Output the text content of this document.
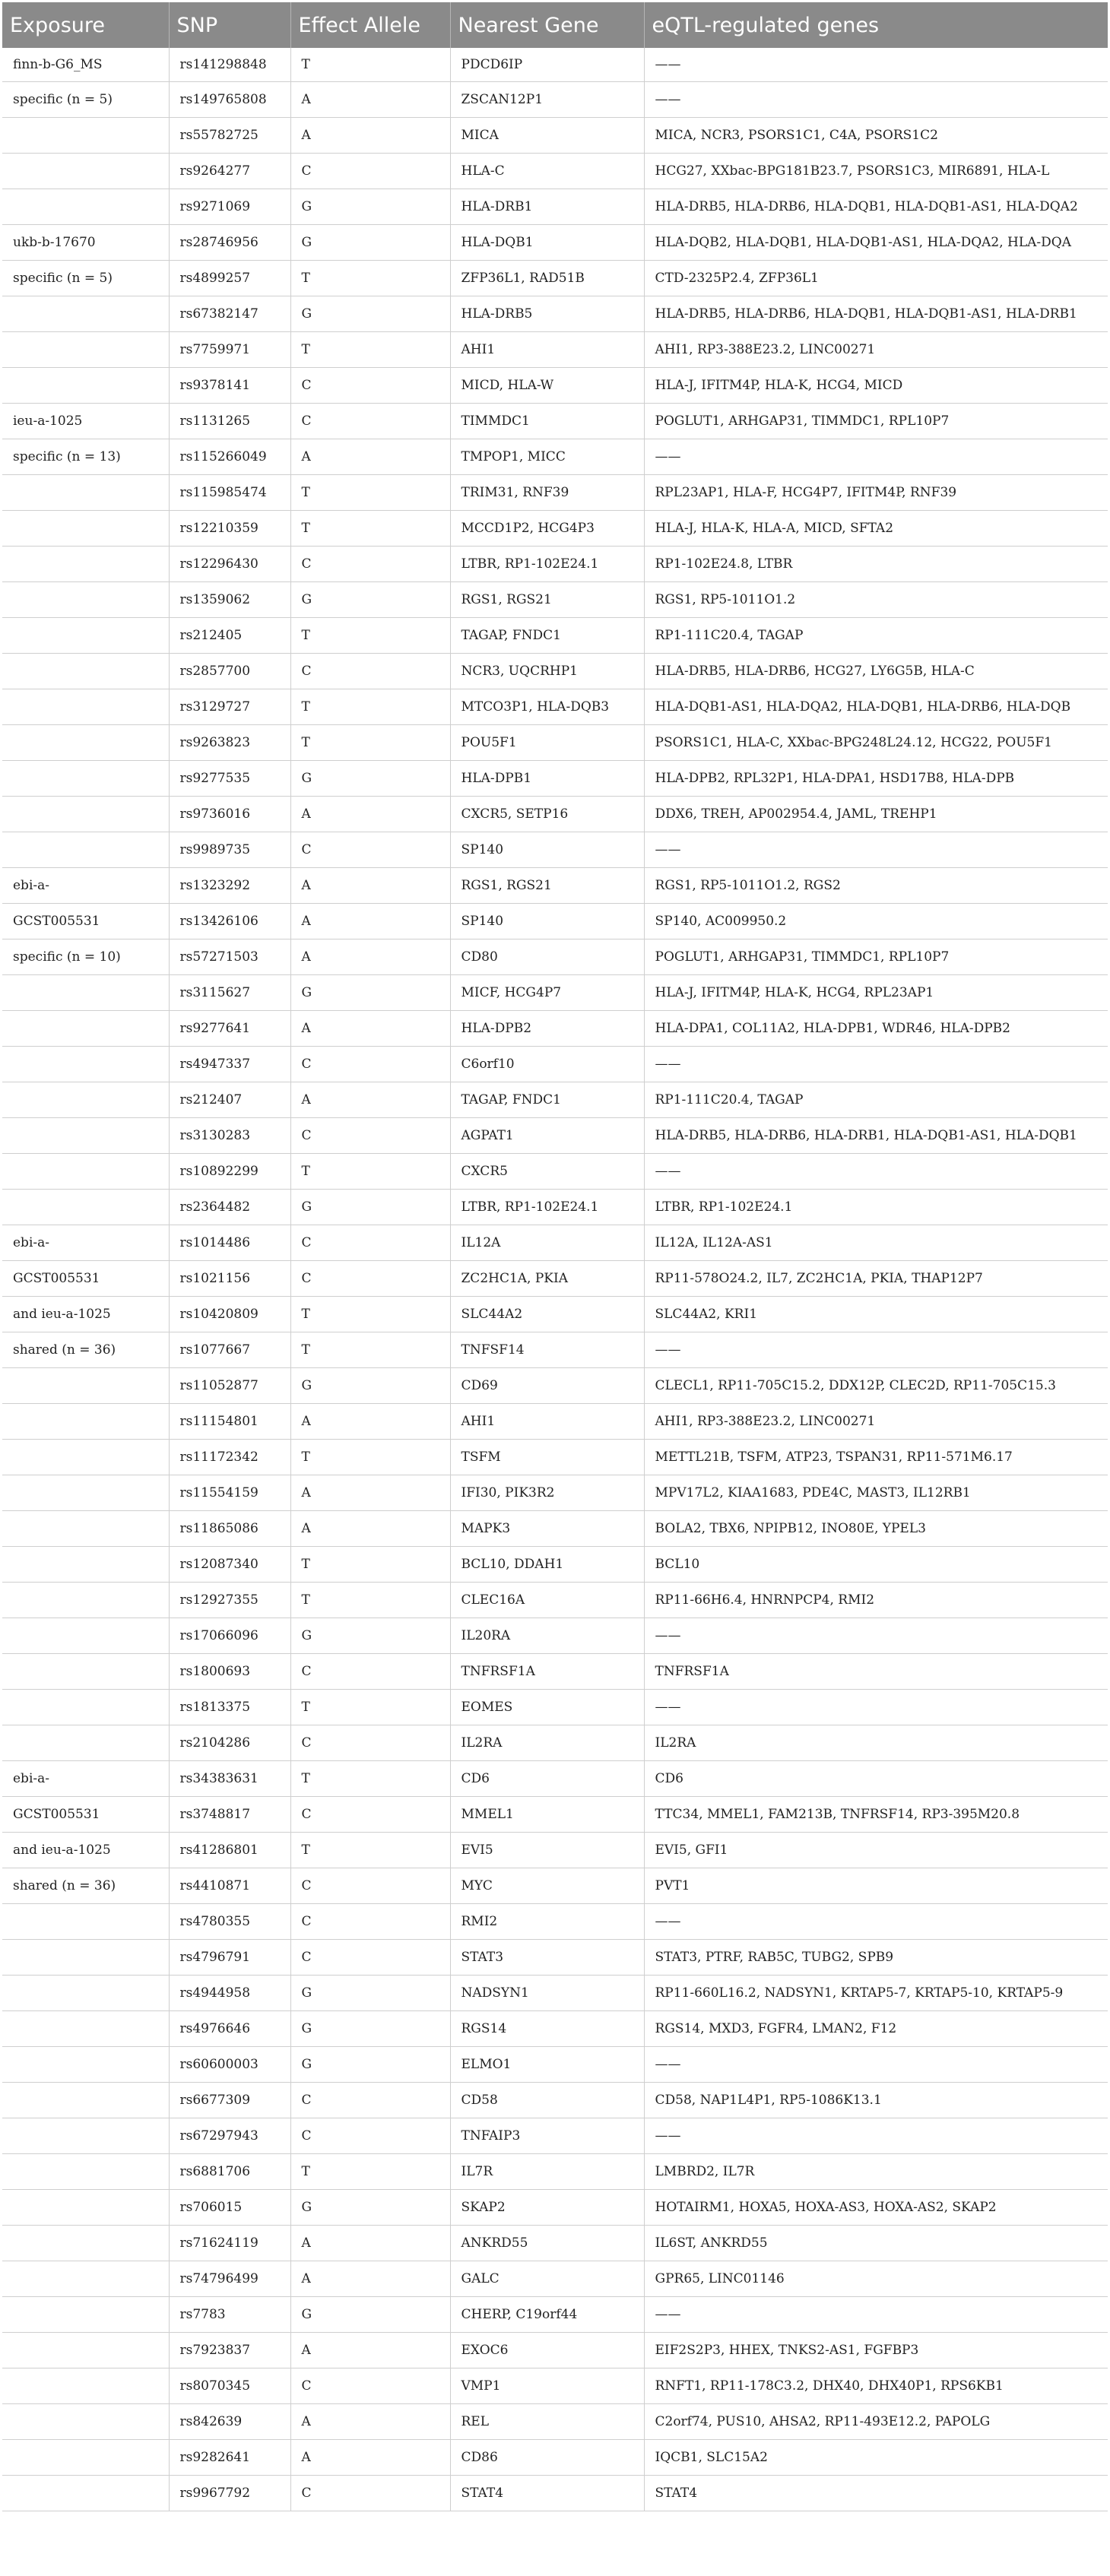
Exposure	SNP	Effect Allele	Nearest Gene	eQTL-regulated genes
finn-b-G6_MS	rs141298848	T	PDCD6IP	——
specific (n = 5)	rs149765808	A	ZSCAN12P1	——
	rs55782725	A	MICA	MICA, NCR3, PSORS1C1, C4A, PSORS1C2
	rs9264277	C	HLA-C	HCG27, XXbac-BPG181B23.7, PSORS1C3, MIR6891, HLA-L
	rs9271069	G	HLA-DRB1	HLA-DRB5, HLA-DRB6, HLA-DQB1, HLA-DQB1-AS1, HLA-DQA2
ukb-b-17670	rs28746956	G	HLA-DQB1	HLA-DQB2, HLA-DQB1, HLA-DQB1-AS1, HLA-DQA2, HLA-DQA
specific (n = 5)	rs4899257	T	ZFP36L1, RAD51B	CTD-2325P2.4, ZFP36L1
	rs67382147	G	HLA-DRB5	HLA-DRB5, HLA-DRB6, HLA-DQB1, HLA-DQB1-AS1, HLA-DRB1
	rs7759971	T	AHI1	AHI1, RP3-388E23.2, LINC00271
	rs9378141	C	MICD, HLA-W	HLA-J, IFITM4P, HLA-K, HCG4, MICD
ieu-a-1025	rs1131265	C	TIMMDC1	POGLUT1, ARHGAP31, TIMMDC1, RPL10P7
specific (n = 13)	rs115266049	A	TMPOP1, MICC	——
	rs115985474	T	TRIM31, RNF39	RPL23AP1, HLA-F, HCG4P7, IFITM4P, RNF39
	rs12210359	T	MCCD1P2, HCG4P3	HLA-J, HLA-K, HLA-A, MICD, SFTA2
	rs12296430	C	LTBR, RP1-102E24.1	RP1-102E24.8, LTBR
	rs1359062	G	RGS1, RGS21	RGS1, RP5-1011O1.2
	rs212405	T	TAGAP, FNDC1	RP1-111C20.4, TAGAP
	rs2857700	C	NCR3, UQCRHP1	HLA-DRB5, HLA-DRB6, HCG27, LY6G5B, HLA-C
	rs3129727	T	MTCO3P1, HLA-DQB3	HLA-DQB1-AS1, HLA-DQA2, HLA-DQB1, HLA-DRB6, HLA-DQB
	rs9263823	T	POU5F1	PSORS1C1, HLA-C, XXbac-BPG248L24.12, HCG22, POU5F1
	rs9277535	G	HLA-DPB1	HLA-DPB2, RPL32P1, HLA-DPA1, HSD17B8, HLA-DPB
	rs9736016	A	CXCR5, SETP16	DDX6, TREH, AP002954.4, JAML, TREHP1
	rs9989735	C	SP140	——
ebi-a-	rs1323292	A	RGS1, RGS21	RGS1, RP5-1011O1.2, RGS2
GCST005531	rs13426106	A	SP140	SP140, AC009950.2
specific (n = 10)	rs57271503	A	CD80	POGLUT1, ARHGAP31, TIMMDC1, RPL10P7
	rs3115627	G	MICF, HCG4P7	HLA-J, IFITM4P, HLA-K, HCG4, RPL23AP1
	rs9277641	A	HLA-DPB2	HLA-DPA1, COL11A2, HLA-DPB1, WDR46, HLA-DPB2
	rs4947337	C	C6orf10	——
	rs212407	A	TAGAP, FNDC1	RP1-111C20.4, TAGAP
	rs3130283	C	AGPAT1	HLA-DRB5, HLA-DRB6, HLA-DRB1, HLA-DQB1-AS1, HLA-DQB1
	rs10892299	T	CXCR5	——
	rs2364482	G	LTBR, RP1-102E24.1	LTBR, RP1-102E24.1
ebi-a-	rs1014486	C	IL12A	IL12A, IL12A-AS1
GCST005531	rs1021156	C	ZC2HC1A, PKIA	RP11-578O24.2, IL7, ZC2HC1A, PKIA, THAP12P7
and ieu-a-1025	rs10420809	T	SLC44A2	SLC44A2, KRI1
shared (n = 36)	rs1077667	T	TNFSF14	——
	rs11052877	G	CD69	CLECL1, RP11-705C15.2, DDX12P, CLEC2D, RP11-705C15.3
	rs11154801	A	AHI1	AHI1, RP3-388E23.2, LINC00271
	rs11172342	T	TSFM	METTL21B, TSFM, ATP23, TSPAN31, RP11-571M6.17
	rs11554159	A	IFI30, PIK3R2	MPV17L2, KIAA1683, PDE4C, MAST3, IL12RB1
	rs11865086	A	MAPK3	BOLA2, TBX6, NPIPB12, INO80E, YPEL3
	rs12087340	T	BCL10, DDAH1	BCL10
	rs12927355	T	CLEC16A	RP11-66H6.4, HNRNPCP4, RMI2
	rs17066096	G	IL20RA	——
	rs1800693	C	TNFRSF1A	TNFRSF1A
	rs1813375	T	EOMES	——
	rs2104286	C	IL2RA	IL2RA
ebi-a-	rs34383631	T	CD6	CD6
GCST005531	rs3748817	C	MMEL1	TTC34, MMEL1, FAM213B, TNFRSF14, RP3-395M20.8
and ieu-a-1025	rs41286801	T	EVI5	EVI5, GFI1
shared (n = 36)	rs4410871	C	MYC	PVT1
	rs4780355	C	RMI2	——
	rs4796791	C	STAT3	STAT3, PTRF, RAB5C, TUBG2, SPB9
	rs4944958	G	NADSYN1	RP11-660L16.2, NADSYN1, KRTAP5-7, KRTAP5-10, KRTAP5-9
	rs4976646	G	RGS14	RGS14, MXD3, FGFR4, LMAN2, F12
	rs60600003	G	ELMO1	——
	rs6677309	C	CD58	CD58, NAP1L4P1, RP5-1086K13.1
	rs67297943	C	TNFAIP3	——
	rs6881706	T	IL7R	LMBRD2, IL7R
	rs706015	G	SKAP2	HOTAIRM1, HOXA5, HOXA-AS3, HOXA-AS2, SKAP2
	rs71624119	A	ANKRD55	IL6ST, ANKRD55
	rs74796499	A	GALC	GPR65, LINC01146
	rs7783	G	CHERP, C19orf44	——
	rs7923837	A	EXOC6	EIF2S2P3, HHEX, TNKS2-AS1, FGFBP3
	rs8070345	C	VMP1	RNFT1, RP11-178C3.2, DHX40, DHX40P1, RPS6KB1
	rs842639	A	REL	C2orf74, PUS10, AHSA2, RP11-493E12.2, PAPOLG
	rs9282641	A	CD86	IQCB1, SLC15A2
	rs9967792	C	STAT4	STAT4
